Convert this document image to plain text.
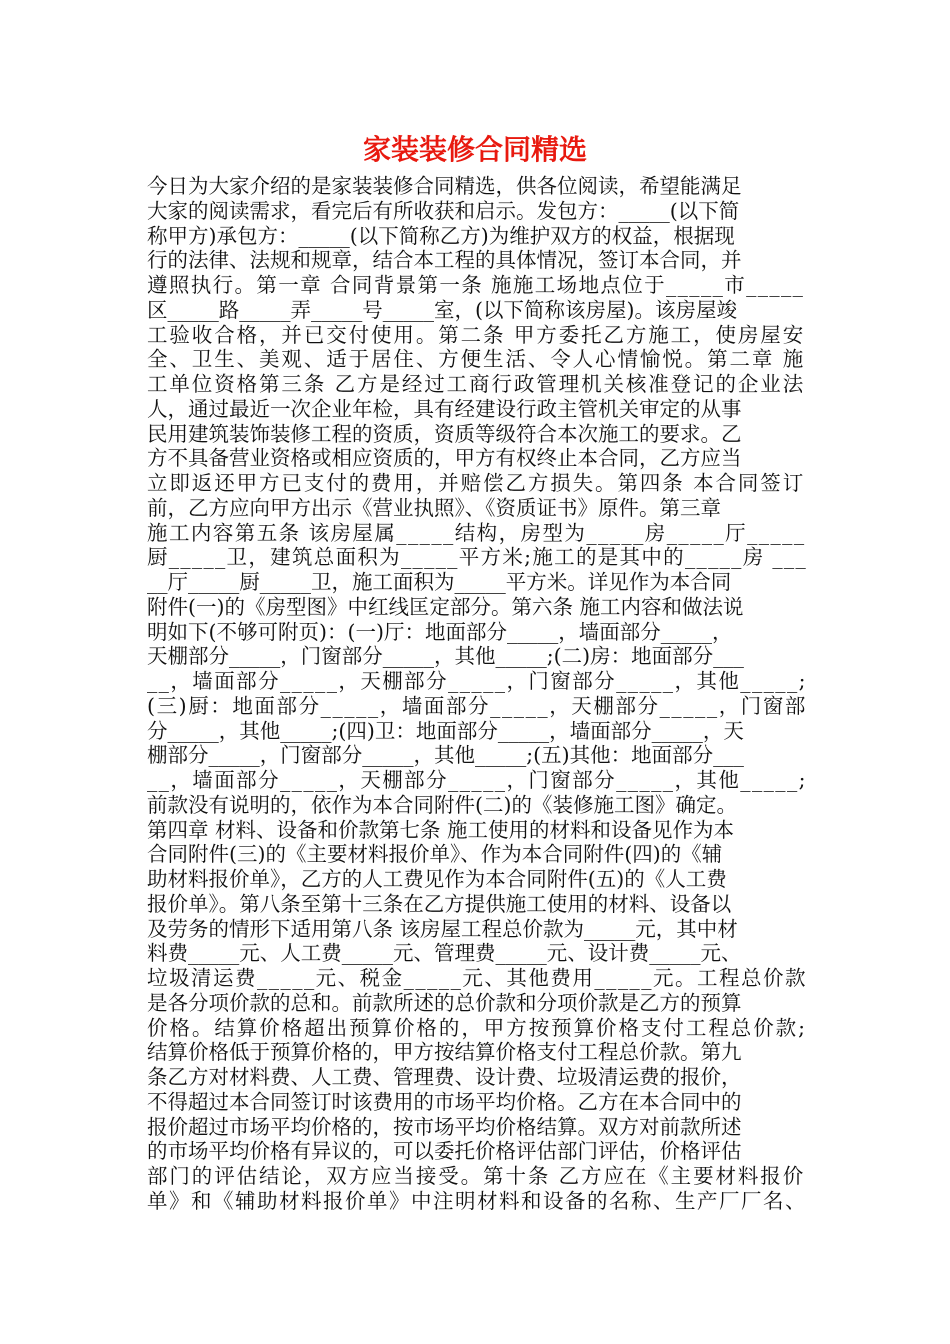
家装装修合同精选
今日为大家介绍的是家装装修合同精选，供各位阅读，希望能满足
大家的阅读需求，看完后有所收获和启示。发包方：_____(以下简
称甲方)承包方：_____(以下简称乙方)为维护双方的权益，根据现
行的法律、法规和规章，结合本工程的具体情况，签订本合同，并
遵照执行。第一章 合同背景第一条 施施工场地点位于_____市_____
区_____路_____弄_____号_____室，(以下简称该房屋)。该房屋竣
工验收合格，并已交付使用。第二条 甲方委托乙方施工，使房屋安
全、卫生、美观、适于居住、方便生活、令人心情愉悦。第二章 施
工单位资格第三条 乙方是经过工商行政管理机关核准登记的企业法
人，通过最近一次企业年检，具有经建设行政主管机关审定的从事
民用建筑装饰装修工程的资质，资质等级符合本次施工的要求。乙
方不具备营业资格或相应资质的，甲方有权终止本合同，乙方应当
立即返还甲方已支付的费用，并赔偿乙方损失。第四条 本合同签订
前，乙方应向甲方出示《营业执照》、《资质证书》原件。第三章
施工内容第五条 该房屋属_____结构，房型为_____房_____厅_____
厨_____卫，建筑总面积为_____平方米;施工的是其中的_____房 ___
__厅_____厨_____卫，施工面积为_____平方米。详见作为本合同
附件(一)的《房型图》中红线匡定部分。第六条 施工内容和做法说
明如下(不够可附页)：(一)厅：地面部分_____，墙面部分_____，
天棚部分_____，门窗部分_____，其他_____;(二)房：地面部分___
__，墙面部分_____，天棚部分_____，门窗部分_____，其他_____;
(三)厨：地面部分_____，墙面部分_____，天棚部分_____，门窗部
分_____，其他_____;(四)卫：地面部分_____，墙面部分_____，天
棚部分_____，门窗部分_____，其他_____;(五)其他：地面部分___
__，墙面部分_____，天棚部分_____，门窗部分_____，其他_____;
前款没有说明的，依作为本合同附件(二)的《装修施工图》确定。
第四章 材料、设备和价款第七条 施工使用的材料和设备见作为本
合同附件(三)的《主要材料报价单》、作为本合同附件(四)的《辅
助材料报价单》，乙方的人工费见作为本合同附件(五)的《人工费
报价单》。第八条至第十三条在乙方提供施工使用的材料、设备以
及劳务的情形下适用第八条 该房屋工程总价款为_____元，其中材
料费_____元、人工费_____元、管理费_____元、设计费_____元、
垃圾清运费_____元、税金_____元、其他费用_____元。工程总价款
是各分项价款的总和。前款所述的总价款和分项价款是乙方的预算
价格。结算价格超出预算价格的，甲方按预算价格支付工程总价款;
结算价格低于预算价格的，甲方按结算价格支付工程总价款。第九
条乙方对材料费、人工费、管理费、设计费、垃圾清运费的报价，
不得超过本合同签订时该费用的市场平均价格。乙方在本合同中的
报价超过市场平均价格的，按市场平均价格结算。双方对前款所述
的市场平均价格有异议的，可以委托价格评估部门评估，价格评估
部门的评估结论，双方应当接受。第十条 乙方应在《主要材料报价
单》和《辅助材料报价单》中注明材料和设备的名称、生产厂厂名、
